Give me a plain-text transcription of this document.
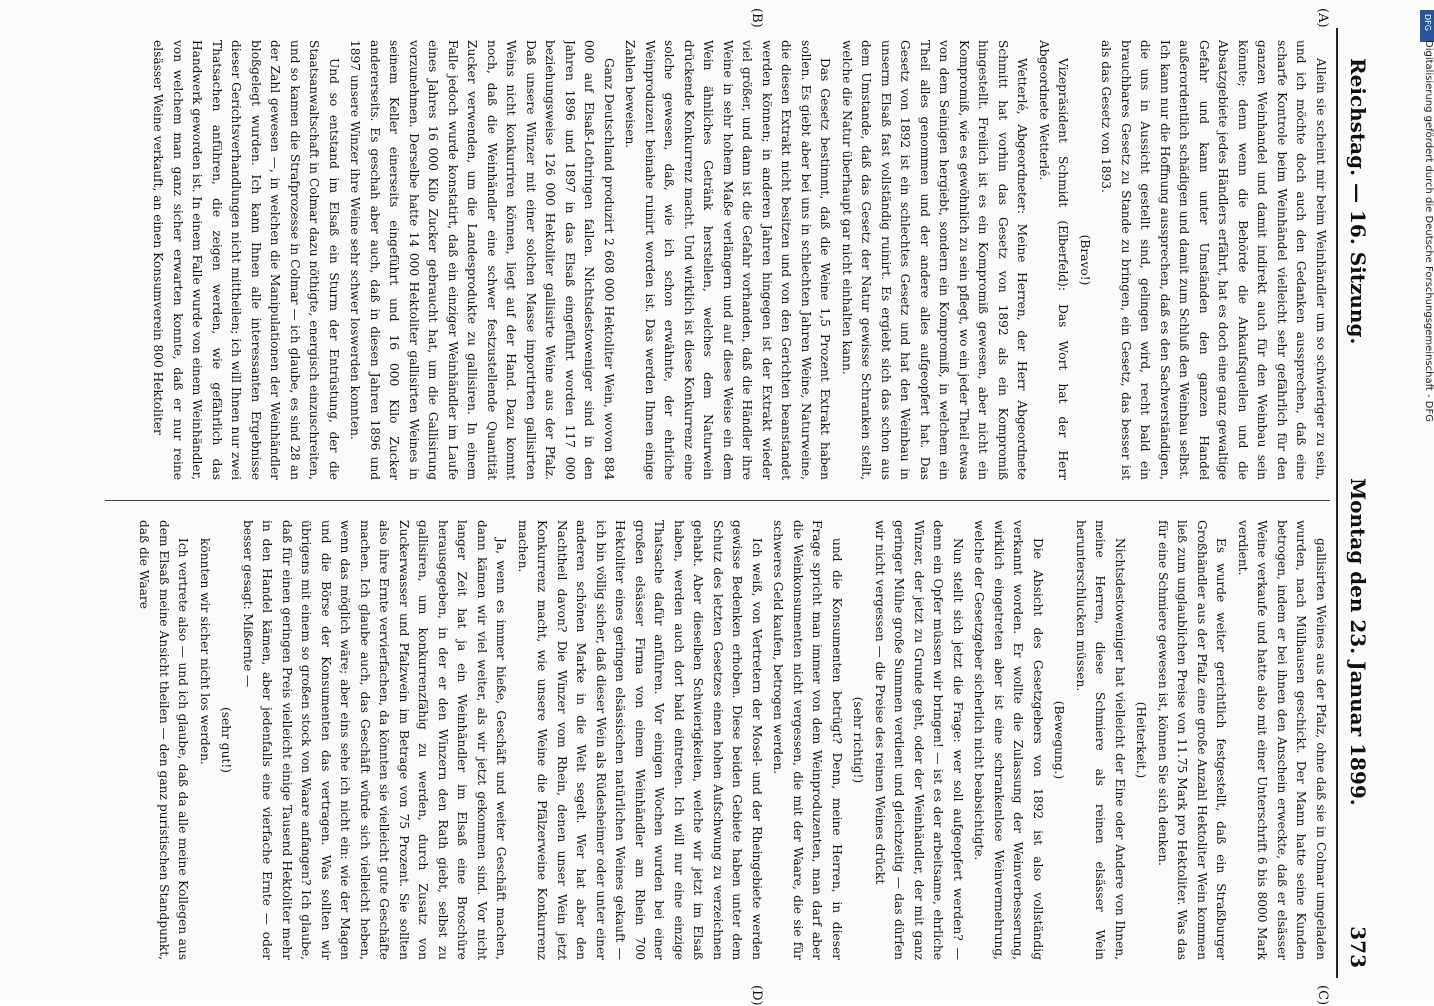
Reichstag. — 16. Sitzung.
Montag den 23. Januar 1899.
373
(A)
(B)
(C)
(D)

Allein sie scheint mir beim Weinhändler um so schwieriger zu sein, und ich möchte doch auch den Gedanken aussprechen, daß eine scharfe Kontrole beim Weinhändel vielleicht sehr gefährlich für den ganzen Weinhandel und damit indirekt auch für den Weinbau sein könnte; denn wenn die Behörde die Ankaufsquellen und die Absatzgebiete jedes Händlers erfährt, hat es doch eine ganz gewaltige Gefahr und kann unter Umständen den ganzen Handel außerordentlich schädigen und damit zum Schluß den Weinbau selbst. Ich kann nur die Hoffnung aussprechen, daß es den Sachverständigen, die uns in Aussicht gestellt sind, gelingen wird, recht bald ein brauchbares Gesetz zu Stande zu bringen, ein Gesetz, das besser ist als das Gesetz von 1893.

(Bravo!)

Vizepräsident Schmidt (Elberfeld): Das Wort hat der Herr Abgeordnete Wetterlé.

Wetterlé, Abgeordneter: Meine Herren, der Herr Abgeordnete Schmitt hat vorhin das Gesetz von 1892 als ein Kompromiß hingestellt. Freilich ist es ein Kompromiß gewesen, aber nicht ein Kompromiß, wie es gewöhnlich zu sein pflegt, wo ein jeder Theil etwas von dem Seinigen hergiebt, sondern ein Kompromiß, in welchem ein Theil alles genommen und der andere alles aufgeopfert hat. Das Gesetz von 1892 ist ein schlechtes Gesetz und hat den Weinbau in unserm Elsaß fast vollständig ruinirt. Es ergiebt sich das schon aus dem Umstande, daß das Gesetz der Natur gewisse Schranken stellt, welche die Natur überhaupt gar nicht einhalten kann.

Das Gesetz bestimmt, daß die Weine 1,5 Prozent Extrakt haben sollen. Es giebt aber bei uns in schlechten Jahren Weine, Naturweine, die diesen Extrakt nicht besitzen und von den Gerichten beanstandet werden können; in anderen Jahren hingegen ist der Extrakt wieder viel größer, und dann ist die Gefahr vorhanden, daß die Händler ihre Weine in sehr hohem Maße verlängern und auf diese Weise ein dem Wein ähnliches Getränk herstellen, welches dem Naturwein drückende Konkurrenz macht. Und wirklich ist diese Konkurrenz eine solche gewesen, daß, wie ich schon erwähnte, der ehrliche Weinproduzent beinahe ruinirt worden ist. Das werden Ihnen einige Zahlen beweisen.

Ganz Deutschland produzirt 2 608 000 Hektoliter Wein, wovon 884 000 auf Elsaß-Lothringen fallen. Nichtsdestoweniger sind in den Jahren 1896 und 1897 in das Elsaß eingeführt worden 117 000 beziehungsweise 126 000 Hektoliter gallisirte Weine aus der Pfalz. Daß unsere Winzer mit einer solchen Masse importirten gallisirten Weins nicht konkurriren können, liegt auf der Hand. Dazu kommt noch, daß die Weinhändler eine schwer festzustellende Quantität Zucker verwenden, um die Landesprodukte zu gallisiren. In einem Falle jedoch wurde konstatirt, daß ein einziger Weinhändler im Laufe eines Jahres 16 000 Kilo Zucker gebraucht hat, um die Gallisirung vorzunehmen. Derselbe hatte 14 000 Hektoliter gallisirten Weines in seinem Keller einerseits eingeführt und 16 000 Kilo Zucker andererseits. Es geschah aber auch, daß in diesen Jahren 1896 und 1897 unsere Winzer ihre Weine sehr schwer loswerden konnten.

Und so entstand im Elsaß ein Sturm der Entrüstung, der die Staatsanwaltschaft in Colmar dazu nöthigte, energisch einzuschreiten, und so kamen die Strafprozesse in Colmar — ich glaube, es sind 28 an der Zahl gewesen —, in welchen die Manipulationen der Weinhändler bloßgelegt wurden. Ich kann Ihnen alle interessanten Ergebnisse dieser Gerichtsverhandlungen nicht mittheilen; ich will Ihnen nur zwei Thatsachen anführen, die zeigen werden, wie gefährlich das Handwerk geworden ist. In einem Falle wurde von einem Weinhändler, von welchem man ganz sicher erwarten konnte, daß er nur reine elsässer Weine verkauft, an einen Konsumverein 800 Hektoliter

gallisirten Weines aus der Pfalz, ohne daß sie in Colmar umgeladen wurden, nach Mülhausen geschickt. Der Mann hatte seine Kunden betrogen, indem er bei ihnen den Anschein erweckte, daß er elsässer Weine verkaufe und hatte also mit einer Unterschrift 6 bis 8000 Mark verdient.

Es wurde weiter gerichtlich festgestellt, daß ein Straßburger Großhändler aus der Pfalz eine große Anzahl Hektoliter Wein kommen ließ zum unglaublichen Preise von 11.75 Mark pro Hektoliter. Was das für eine Schmiere gewesen ist, können Sie sich denken.

(Heiterkeit.)

Nichtsdestoweniger hat vielleicht der Eine oder Andere von Ihnen, meine Herren, diese Schmiere als reinen elsässer Wein herunterschlucken müssen.

(Bewegung.)

Die Absicht des Gesetzgebers von 1892 ist also vollständig verkannt worden. Er wollte die Zulassung der Weinverbesserung, wirklich eingetreten aber ist eine schrankenlose Weinvermehrung, welche der Gesetzgeber sicherlich nicht beabsichtigte.

Nun stellt sich jetzt die Frage: wer soll aufgeopfert werden? — denn ein Opfer müssen wir bringen! — ist es der arbeitsame, ehrliche Winzer, der jetzt zu Grunde geht, oder der Weinhändler, der mit ganz geringer Mühe große Summen verdient und gleichzeitig — das dürfen wir nicht vergessen — die Preise des reinen Weines drückt

(sehr richtig!)

und die Konsumenten betrügt? Denn, meine Herren, in dieser Frage spricht man immer von dem Weinproduzenten, man darf aber die Weinkonsumenten nicht vergessen, die mit der Waare, die sie für schweres Geld kaufen, betrogen werden.

Ich weiß, von Vertretern der Mosel- und der Rheingebiete werden gewisse Bedenken erhoben. Diese beiden Gebiete haben unter dem Schutz des letzten Gesetzes einen hohen Aufschwung zu verzeichnen gehabt. Aber dieselben Schwierigkeiten, welche wir jetzt im Elsaß haben, werden auch dort bald eintreten. Ich will nur eine einzige Thatsache dafür anführen. Vor einigen Wochen wurden bei einer großen elsässer Firma von einem Weinhändler am Rhein 700 Hektoliter eines geringen elsässischen natürlichen Weines gekauft — ich bin völlig sicher, daß dieser Wein als Rüdesheimer oder unter einer anderen schönen Marke in die Welt segelt. Wer hat aber den Nachtheil davon? Die Winzer vom Rhein, denen unser Wein jetzt Konkurrenz macht, wie unsere Weine die Pfälzerweine Konkurrenz machen.

Ja, wenn es immer hieße, Geschäft und weiter Geschäft machen, dann kämen wir viel weiter, als wir jetzt gekommen sind. Vor nicht langer Zeit hat ja ein Weinhändler im Elsaß eine Broschüre herausgegeben, in der er den Winzern den Rath giebt, selbst zu gallisiren, um konkurrenzfähig zu werden, durch Zusatz von Zuckerwasser und Pfalzwein im Betrage von 75 Prozent. Sie sollten also ihre Ernte vervierfachen, da könnten sie vielleicht gute Geschäfte machen. Ich glaube auch, das Geschäft würde sich vielleicht heben, wenn das möglich wäre; aber eins sehe ich nicht ein: wie der Magen und die Börse der Konsumenten das vertragen. Was sollten wir übrigens mit einem so großen stock von Waare anfangen? Ich glaube, daß für einen geringen Preis vielleicht einige Tausend Hektoliter mehr in den Handel kämen, aber jedenfalls eine vierfache Ernte — oder besser gesagt: Mißernte —

(sehr gut!)

könnten wir sicher nicht los werden.

Ich vertrete also — und ich glaube, daß da alle meine Kollegen aus dem Elsaß meine Ansicht theilen — den ganz puristischen Standpunkt, daß die Waare

DFG
Digitalisierung gefördert durch die Deutsche Forschungsgemeinschaft - DFG
